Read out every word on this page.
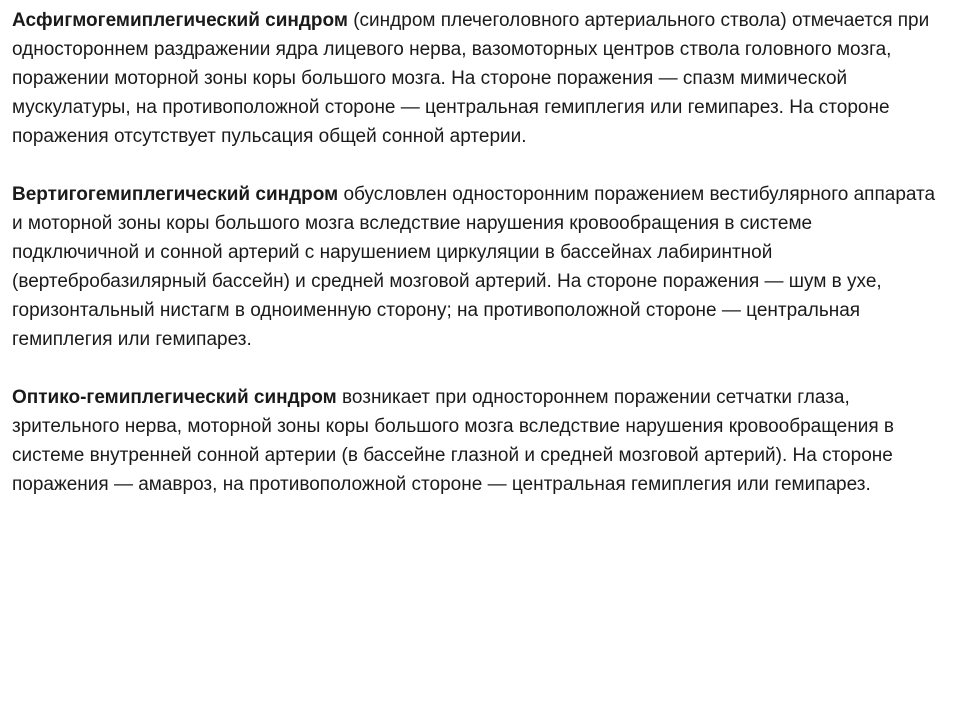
Асфигмогемиплегический синдром (синдром плечеголовного артериального ствола) отмечается при одностороннем раздражении ядра лицевого нерва, вазомоторных центров ствола головного мозга, поражении моторной зоны коры большого мозга. На стороне поражения — спазм мимической мускулатуры, на противоположной стороне — центральная гемиплегия или гемипарез. На стороне поражения отсутствует пульсация общей сонной артерии.

Вертигогемиплегический синдром обусловлен односторонним поражением вестибулярного аппарата и моторной зоны коры большого мозга вследствие нарушения кровообращения в системе подключичной и сонной артерий с нарушением циркуляции в бассейнах лабиринтной (вертебробазилярный бассейн) и средней мозговой артерий. На стороне поражения — шум в ухе, горизонтальный нистагм в одноименную сторону; на противоположной стороне — центральная гемиплегия или гемипарез.

Оптико-гемиплегический синдром возникает при одностороннем поражении сетчатки глаза, зрительного нерва, моторной зоны коры большого мозга вследствие нарушения кровообращения в системе внутренней сонной артерии (в бассейне глазной и средней мозговой артерий). На стороне поражения — амавроз, на противоположной стороне — центральная гемиплегия или гемипарез.
